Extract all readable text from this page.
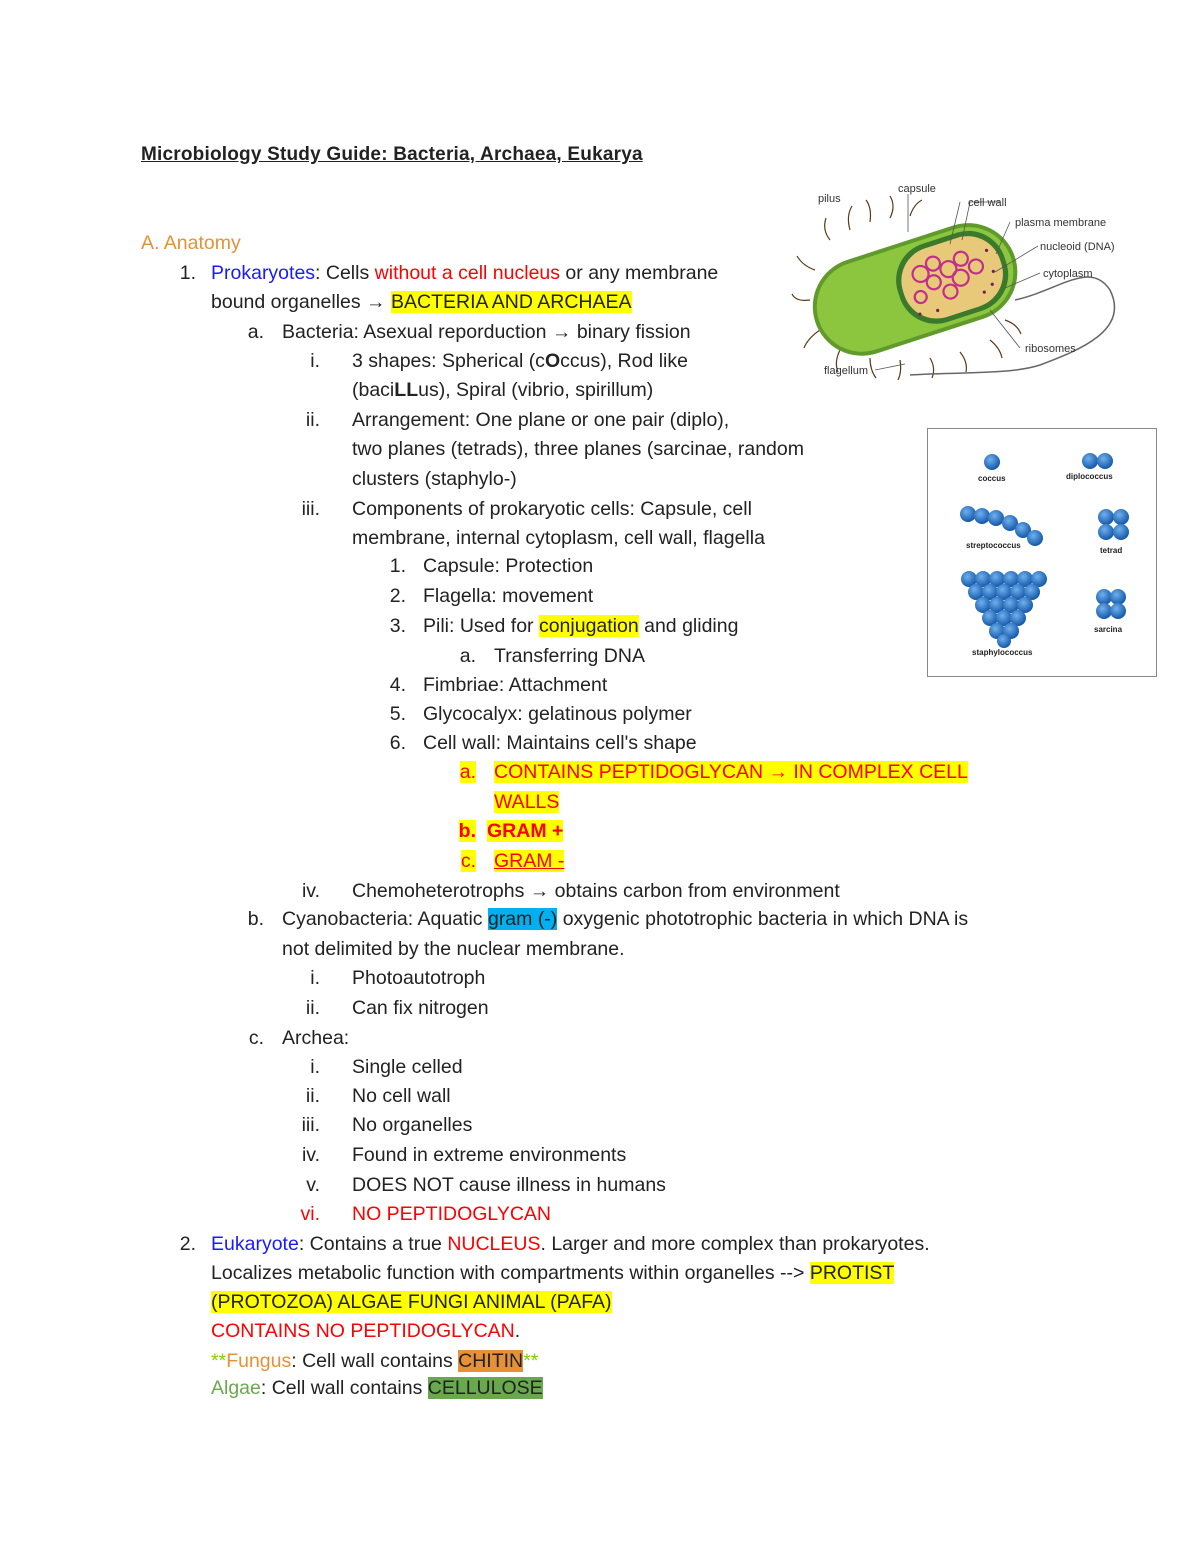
Microbiology Study Guide: Bacteria, Archaea, Eukarya
A. Anatomy
1. Prokaryotes: Cells without a cell nucleus or any membrane
bound organelles → BACTERIA AND ARCHAEA
a. Bacteria: Asexual reporduction → binary fission
i. 3 shapes: Spherical (cOccus), Rod like
(baciLLus), Spiral (vibrio, spirillum)
ii. Arrangement: One plane or one pair (diplo),
two planes (tetrads), three planes (sarcinae, random
clusters (staphylo-)
iii. Components of prokaryotic cells: Capsule, cell
membrane, internal cytoplasm, cell wall, flagella
1. Capsule: Protection
2. Flagella: movement
3. Pili: Used for conjugation and gliding
a. Transferring DNA
4. Fimbriae: Attachment
5. Glycocalyx: gelatinous polymer
6. Cell wall: Maintains cell's shape
a. CONTAINS PEPTIDOGLYCAN → IN COMPLEX CELL
WALLS
b. GRAM +
c. GRAM -
iv. Chemoheterotrophs → obtains carbon from environment
b. Cyanobacteria: Aquatic gram (-) oxygenic phototrophic bacteria in which DNA is
not delimited by the nuclear membrane.
i. Photoautotroph
ii. Can fix nitrogen
c. Archea:
i. Single celled
ii. No cell wall
iii. No organelles
iv. Found in extreme environments
v. DOES NOT cause illness in humans
vi. NO PEPTIDOGLYCAN
2. Eukaryote: Contains a true NUCLEUS. Larger and more complex than prokaryotes.
Localizes metabolic function with compartments within organelles --> PROTIST
(PROTOZOA) ALGAE FUNGI ANIMAL (PAFA)
CONTAINS NO PEPTIDOGLYCAN.
**Fungus: Cell wall contains CHITIN**
Algae: Cell wall contains CELLULOSE
pilus
capsule
cell wall
plasma membrane
nucleoid (DNA)
cytoplasm
ribosomes
flagellum
coccus	diplococcus
streptococcus
tetrad
staphylococcus
sarcina
